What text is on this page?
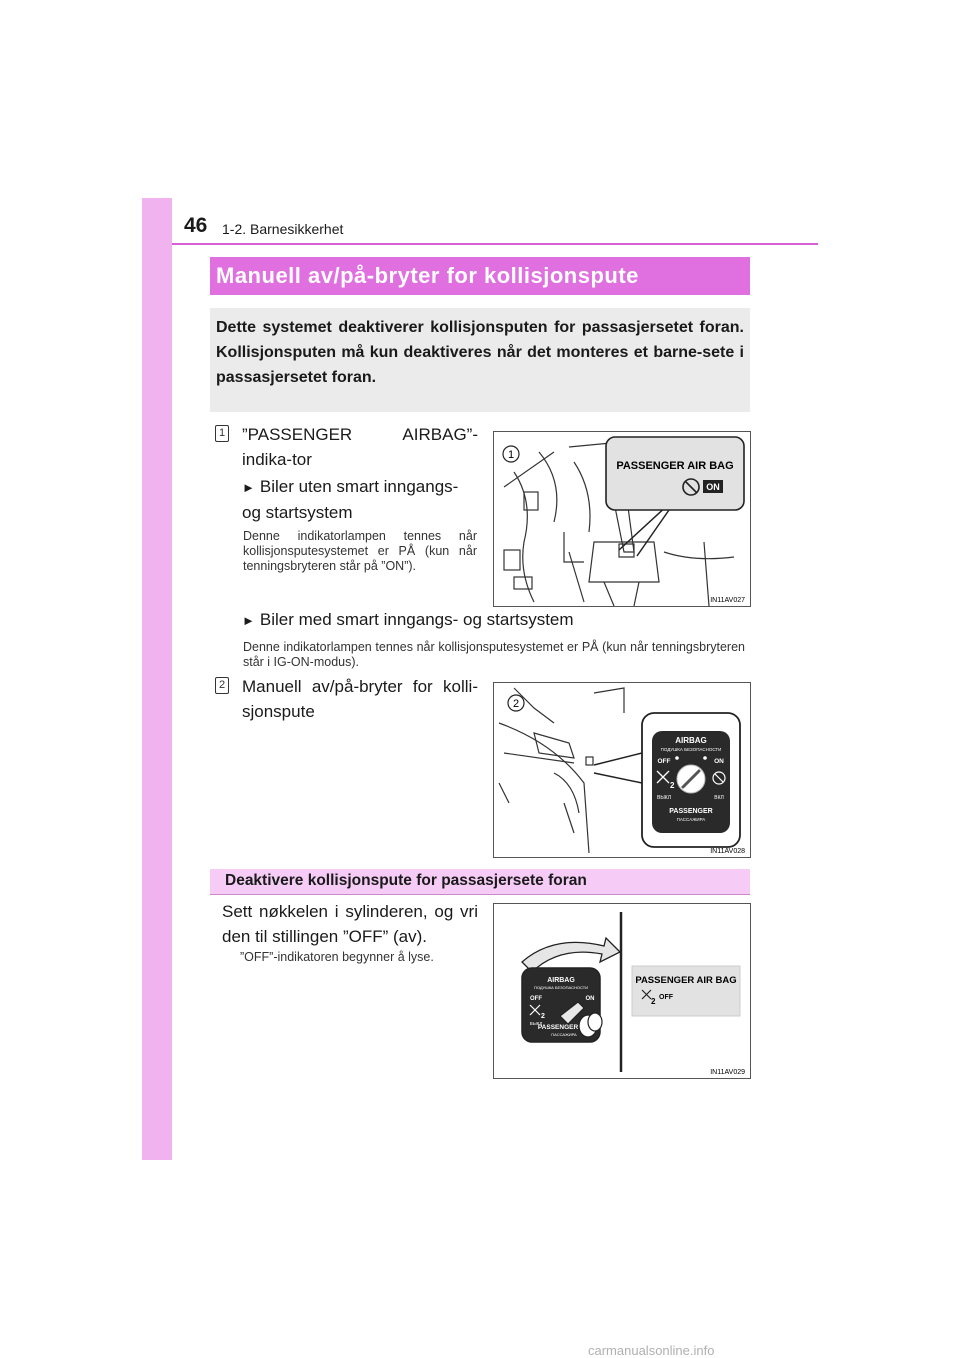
46 1-2. Barnesikkerhet
Manuell av/på-bryter for kollisjonspute

Dette systemet deaktiverer kollisjonsputen for passasjersetet foran. Kollisjonsputen må kun deaktiveres når det monteres et barne-sete i passasjersetet foran.

1 ”PASSENGER AIRBAG”-indika-tor
► Biler uten smart inngangs- og startsystem
Denne indikatorlampen tennes når kollisjonsputesystemet er PÅ (kun når tenningsbryteren står på ”ON”).
► Biler med smart inngangs- og startsystem
Denne indikatorlampen tennes når kollisjonsputesystemet er PÅ (kun når tenningsbryteren står i IG-ON-modus).
2 Manuell av/på-bryter for kolli-sjonspute
Deaktivere kollisjonspute for passasjersete foran
Sett nøkkelen i sylinderen, og vri den til stillingen ”OFF” (av).
”OFF”-indikatoren begynner å lyse.
1
PASSENGER AIR BAG
ON
IN11AV027
2
AIRBAG
ПОДУШКА БЕЗОПАСНОСТИ
OFF	ON
2
ВЫКЛ	ВКЛ
PASSENGER
ПАССАЖИРА
IN11AV028
AIRBAG
ПОДУШКА БЕЗОПАСНОСТИ
OFF	ON
2
ВЫКЛ
PASSENGER
ПАССАЖИРА
PASSENGER AIR BAG
2 OFF
IN11AV029
carmanualsonline.info
